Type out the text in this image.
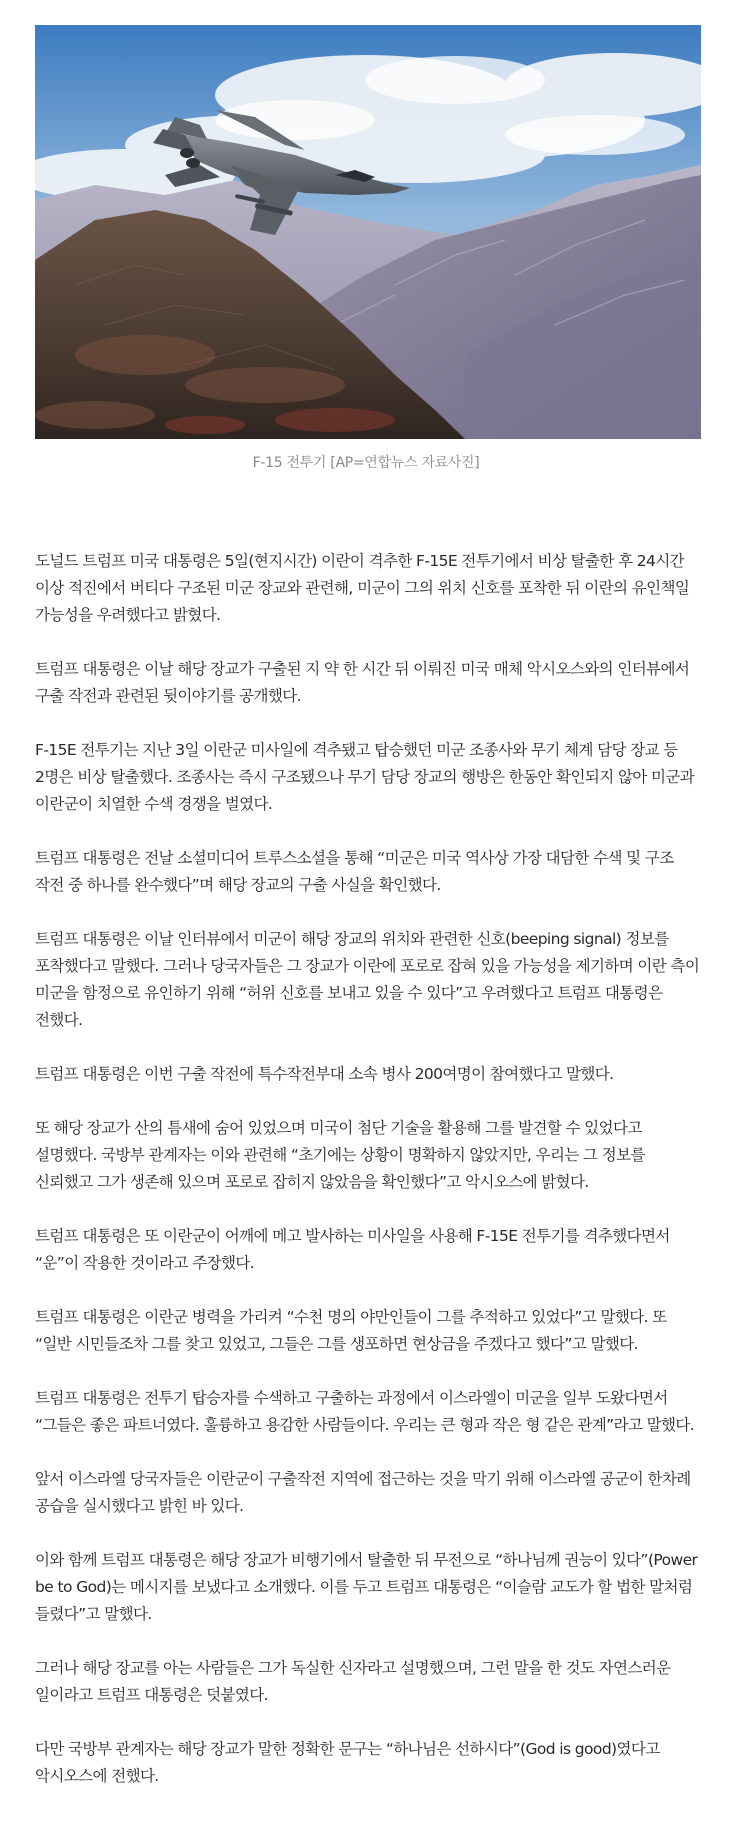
F-15 전투기 [AP=연합뉴스 자료사진]

도널드 트럼프 미국 대통령은 5일(현지시간) 이란이 격추한 F-15E 전투기에서 비상 탈출한 후 24시간 이상 적진에서 버티다 구조된 미군 장교와 관련해, 미군이 그의 위치 신호를 포착한 뒤 이란의 유인책일 가능성을 우려했다고 밝혔다.

트럼프 대통령은 이날 해당 장교가 구출된 지 약 한 시간 뒤 이뤄진 미국 매체 악시오스와의 인터뷰에서 구출 작전과 관련된 뒷이야기를 공개했다.

F-15E 전투기는 지난 3일 이란군 미사일에 격추됐고 탑승했던 미군 조종사와 무기 체계 담당 장교 등 2명은 비상 탈출했다. 조종사는 즉시 구조됐으나 무기 담당 장교의 행방은 한동안 확인되지 않아 미군과 이란군이 치열한 수색 경쟁을 벌였다.

트럼프 대통령은 전날 소셜미디어 트루스소셜을 통해 “미군은 미국 역사상 가장 대담한 수색 및 구조 작전 중 하나를 완수했다”며 해당 장교의 구출 사실을 확인했다.

트럼프 대통령은 이날 인터뷰에서 미군이 해당 장교의 위치와 관련한 신호(beeping signal) 정보를 포착했다고 말했다. 그러나 당국자들은 그 장교가 이란에 포로로 잡혀 있을 가능성을 제기하며 이란 측이 미군을 함정으로 유인하기 위해 “허위 신호를 보내고 있을 수 있다”고 우려했다고 트럼프 대통령은 전했다.

트럼프 대통령은 이번 구출 작전에 특수작전부대 소속 병사 200여명이 참여했다고 말했다.

또 해당 장교가 산의 틈새에 숨어 있었으며 미국이 첨단 기술을 활용해 그를 발견할 수 있었다고 설명했다. 국방부 관계자는 이와 관련해 “초기에는 상황이 명확하지 않았지만, 우리는 그 정보를 신뢰했고 그가 생존해 있으며 포로로 잡히지 않았음을 확인했다”고 악시오스에 밝혔다.

트럼프 대통령은 또 이란군이 어깨에 메고 발사하는 미사일을 사용해 F-15E 전투기를 격추했다면서 “운”이 작용한 것이라고 주장했다.

트럼프 대통령은 이란군 병력을 가리켜 “수천 명의 야만인들이 그를 추적하고 있었다”고 말했다. 또 “일반 시민들조차 그를 찾고 있었고, 그들은 그를 생포하면 현상금을 주겠다고 했다”고 말했다.

트럼프 대통령은 전투기 탑승자를 수색하고 구출하는 과정에서 이스라엘이 미군을 일부 도왔다면서 “그들은 좋은 파트너였다. 훌륭하고 용감한 사람들이다. 우리는 큰 형과 작은 형 같은 관계”라고 말했다.

앞서 이스라엘 당국자들은 이란군이 구출작전 지역에 접근하는 것을 막기 위해 이스라엘 공군이 한차례 공습을 실시했다고 밝힌 바 있다.

이와 함께 트럼프 대통령은 해당 장교가 비행기에서 탈출한 뒤 무전으로 “하나님께 권능이 있다”(Power be to God)는 메시지를 보냈다고 소개했다. 이를 두고 트럼프 대통령은 “이슬람 교도가 할 법한 말처럼 들렸다”고 말했다.

그러나 해당 장교를 아는 사람들은 그가 독실한 신자라고 설명했으며, 그런 말을 한 것도 자연스러운 일이라고 트럼프 대통령은 덧붙였다.

다만 국방부 관계자는 해당 장교가 말한 정확한 문구는 “하나님은 선하시다”(God is good)였다고 악시오스에 전했다.
